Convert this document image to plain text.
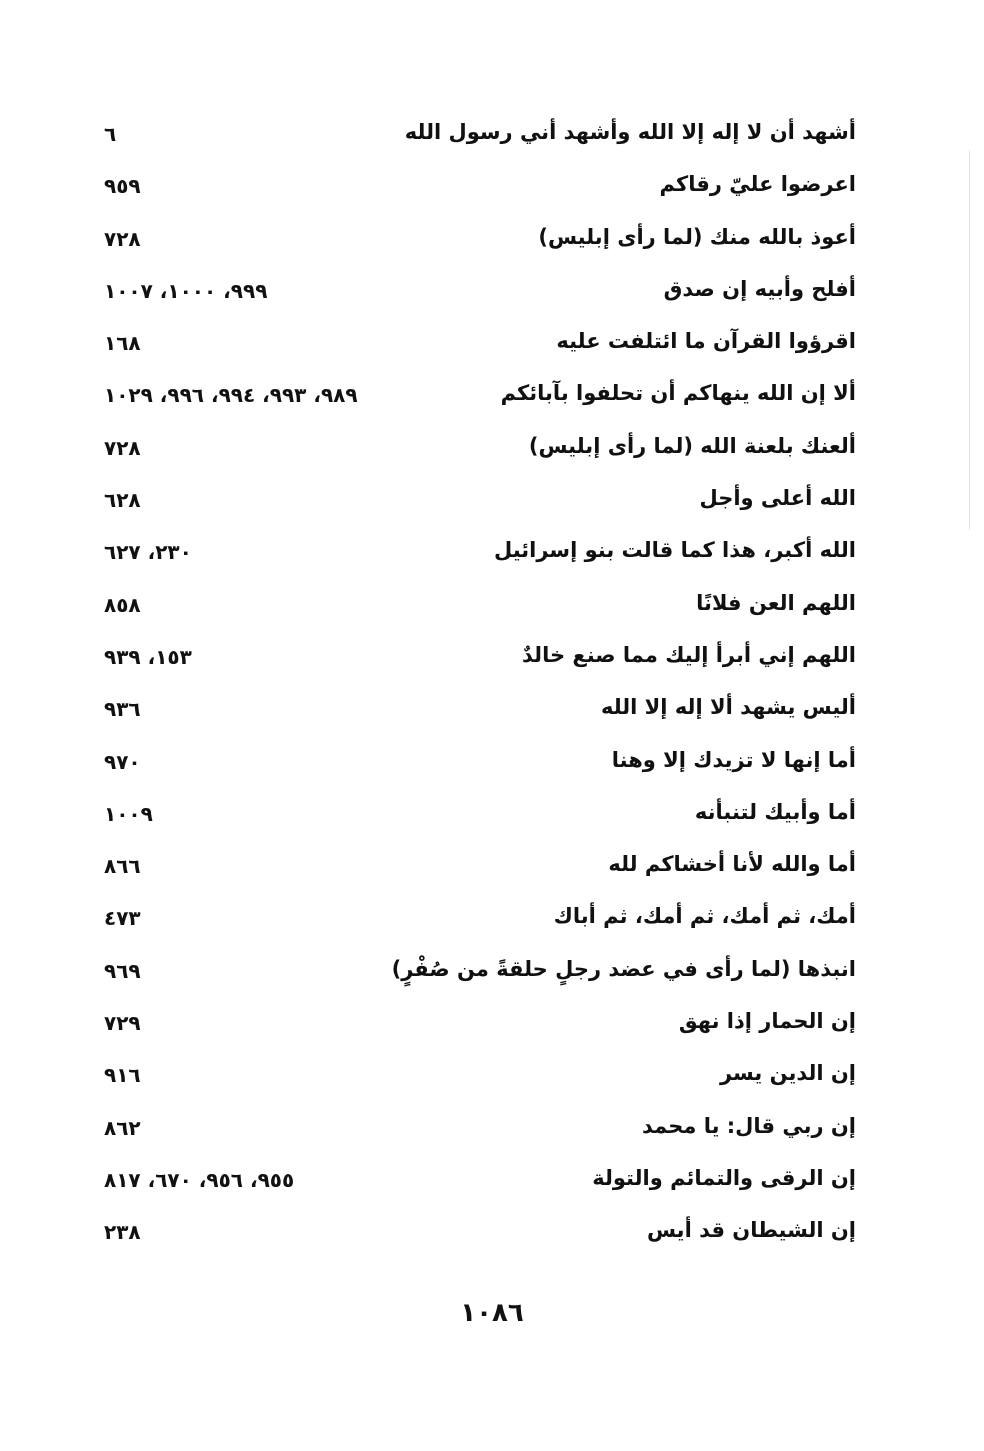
أشهد أن لا إله إلا الله وأشهد أني رسول الله
٦
اعرضوا عليّ رقاكم
٩٥٩
أعوذ بالله منك (لما رأى إبليس)
٧٢٨
أفلح وأبيه إن صدق
٩٩٩، ١٠٠٠، ١٠٠٧
اقرؤوا القرآن ما ائتلفت عليه
١٦٨
ألا إن الله ينهاكم أن تحلفوا بآبائكم
٩٨٩، ٩٩٣، ٩٩٤، ٩٩٦، ١٠٢٩
ألعنك بلعنة الله (لما رأى إبليس)
٧٢٨
الله أعلى وأجل
٦٢٨
الله أكبر، هذا كما قالت بنو إسرائيل
٢٣٠، ٦٢٧
اللهم العن فلانًا
٨٥٨
اللهم إني أبرأ إليك مما صنع خالدٌ
١٥٣، ٩٣٩
أليس يشهد ألا إله إلا الله
٩٣٦
أما إنها لا تزيدك إلا وهنا
٩٧٠
أما وأبيك لتنبأنه
١٠٠٩
أما والله لأنا أخشاكم لله
٨٦٦
أمك، ثم أمك، ثم أمك، ثم أباك
٤٧٣
انبذها (لما رأى في عضد رجلٍ حلقةً من صُفْرٍ)
٩٦٩
إن الحمار إذا نهق
٧٢٩
إن الدين يسر
٩١٦
إن ربي قال: يا محمد
٨٦٢
إن الرقى والتمائم والتولة
٩٥٥، ٩٥٦، ٦٧٠، ٨١٧
إن الشيطان قد أيس
٢٣٨
١٠٨٦
